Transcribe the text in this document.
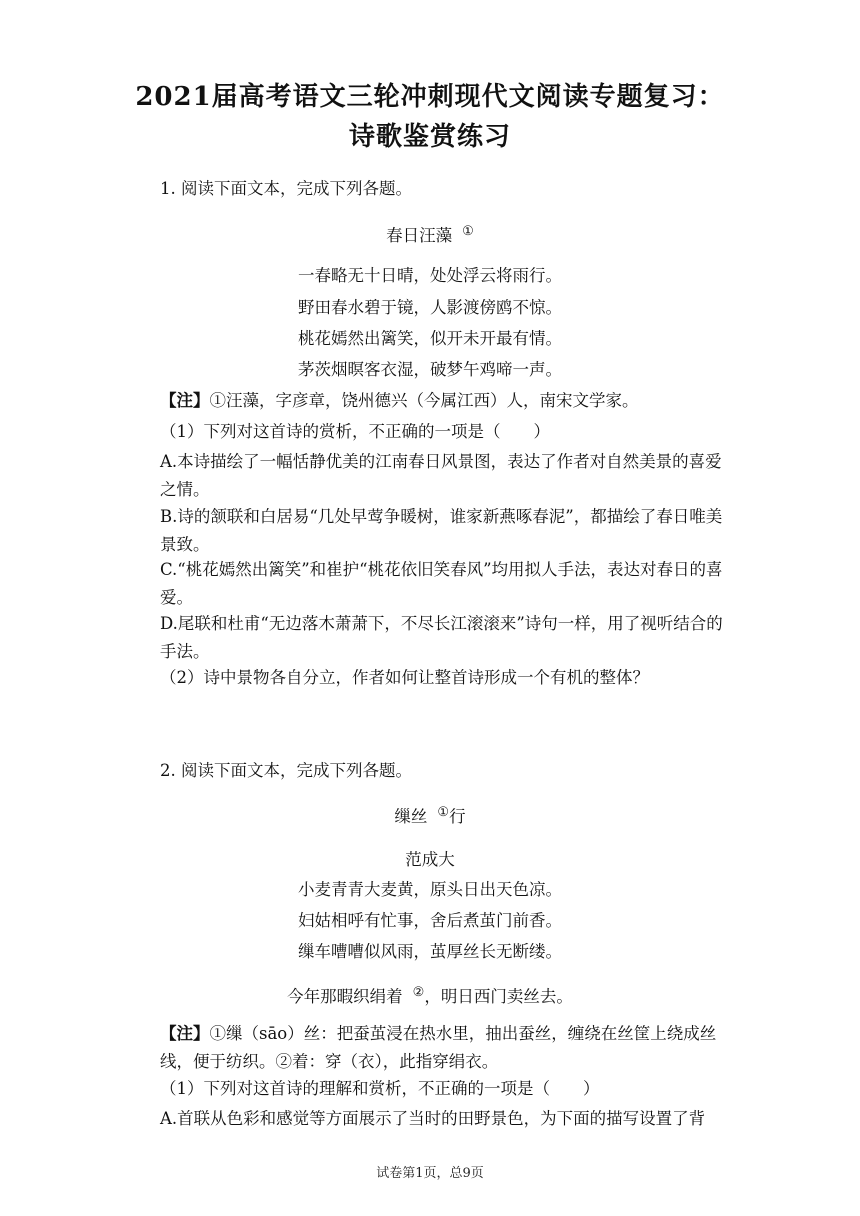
2021届高考语文三轮冲刺现代文阅读专题复习：
诗歌鉴赏练习
1. 阅读下面文本，完成下列各题。
春日汪藻 ①
一春略无十日晴，处处浮云将雨行。
野田春水碧于镜，人影渡傍鸥不惊。
桃花嫣然出篱笑，似开未开最有情。
茅茨烟暝客衣湿，破梦午鸡啼一声。
【注】①汪藻，字彦章，饶州德兴（今属江西）人，南宋文学家。
（1）下列对这首诗的赏析，不正确的一项是（　　）
A.本诗描绘了一幅恬静优美的江南春日风景图，表达了作者对自然美景的喜爱之情。
B.诗的颔联和白居易“几处早莺争暖树，谁家新燕啄春泥”，都描绘了春日唯美景致。
C.“桃花嫣然出篱笑”和崔护“桃花依旧笑春风”均用拟人手法，表达对春日的喜爱。
D.尾联和杜甫“无边落木萧萧下，不尽长江滚滚来”诗句一样，用了视听结合的手法。
（2）诗中景物各自分立，作者如何让整首诗形成一个有机的整体？
2. 阅读下面文本，完成下列各题。
缫丝 ①行
范成大
小麦青青大麦黄，原头日出天色凉。
妇姑相呼有忙事，舍后煮茧门前香。
缫车嘈嘈似风雨，茧厚丝长无断缕。
今年那暇织绢着 ②，明日西门卖丝去。
【注】①缫（sāo）丝：把蚕茧浸在热水里，抽出蚕丝，缠绕在丝筐上绕成丝线，便于纺织。②着：穿（衣），此指穿绢衣。
（1）下列对这首诗的理解和赏析，不正确的一项是（　　）
A.首联从色彩和感觉等方面展示了当时的田野景色，为下面的描写设置了背
试卷第1页，总9页
